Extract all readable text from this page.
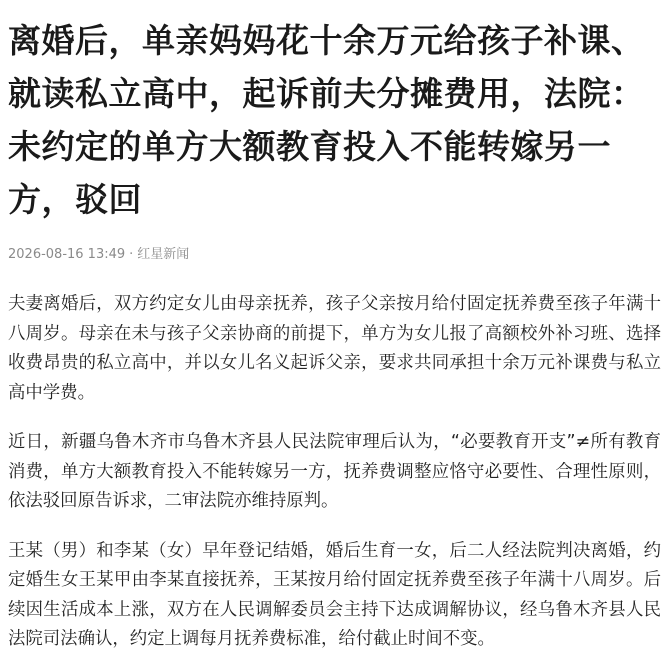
离婚后，单亲妈妈花十余万元给孩子补课、就读私立高中，起诉前夫分摊费用，法院：未约定的单方大额教育投入不能转嫁另一方，驳回
2026-08-16 13:49 · 红星新闻

夫妻离婚后，双方约定女儿由母亲抚养，孩子父亲按月给付固定抚养费至孩子年满十八周岁。母亲在未与孩子父亲协商的前提下，单方为女儿报了高额校外补习班、选择收费昂贵的私立高中，并以女儿名义起诉父亲，要求共同承担十余万元补课费与私立高中学费。

近日，新疆乌鲁木齐市乌鲁木齐县人民法院审理后认为，“必要教育开支”≠所有教育消费，单方大额教育投入不能转嫁另一方，抚养费调整应恪守必要性、合理性原则，依法驳回原告诉求，二审法院亦维持原判。

王某（男）和李某（女）早年登记结婚，婚后生育一女，后二人经法院判决离婚，约定婚生女王某甲由李某直接抚养，王某按月给付固定抚养费至孩子年满十八周岁。后续因生活成本上涨，双方在人民调解委员会主持下达成调解协议，经乌鲁木齐县人民法院司法确认，约定上调每月抚养费标准，给付截止时间不变。
